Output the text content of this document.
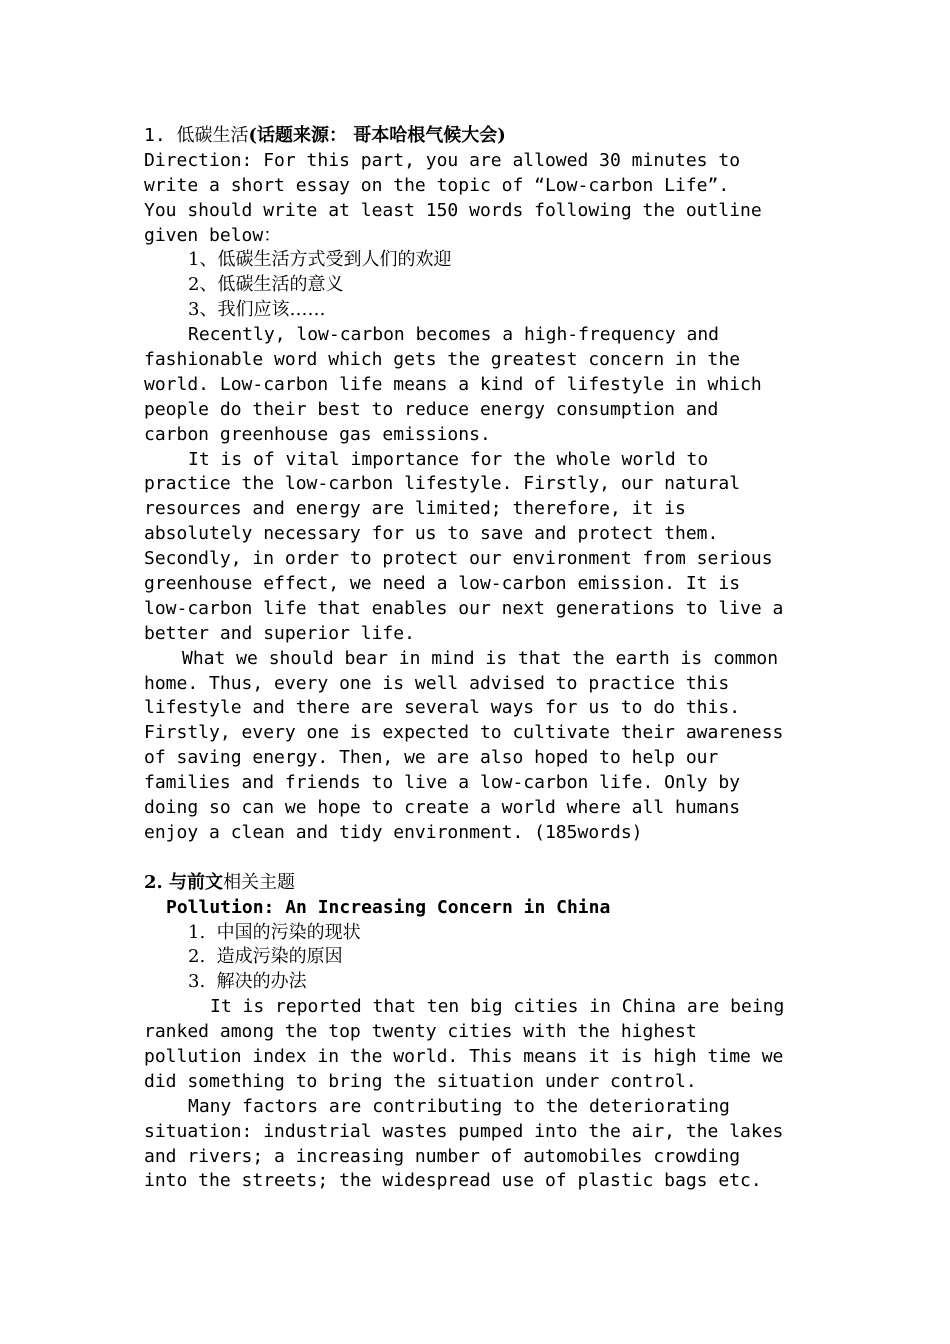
1. 低碳生活(话题来源： 哥本哈根气候大会)
Direction: For this part, you are allowed 30 minutes to
write a short essay on the topic of “Low-carbon Life”.
You should write at least 150 words following the outline
given below：
1、低碳生活方式受到人们的欢迎
2、低碳生活的意义
3、我们应该……
Recently, low-carbon becomes a high-frequency and
fashionable word which gets the greatest concern in the
world. Low-carbon life means a kind of lifestyle in which
people do their best to reduce energy consumption and
carbon greenhouse gas emissions.
It is of vital importance for the whole world to
practice the low-carbon lifestyle. Firstly, our natural
resources and energy are limited; therefore, it is
absolutely necessary for us to save and protect them.
Secondly, in order to protect our environment from serious
greenhouse effect, we need a low-carbon emission. It is
low-carbon life that enables our next generations to live a
better and superior life.
What we should bear in mind is that the earth is common
home. Thus, every one is well advised to practice this
lifestyle and there are several ways for us to do this.
Firstly, every one is expected to cultivate their awareness
of saving energy. Then, we are also hoped to help our
families and friends to live a low-carbon life. Only by
doing so can we hope to create a world where all humans
enjoy a clean and tidy environment. (185words)
2. 与前文相关主题
Pollution: An Increasing Concern in China
1.  中国的污染的现状
2.  造成污染的原因
3.  解决的办法
It is reported that ten big cities in China are being
ranked among the top twenty cities with the highest
pollution index in the world. This means it is high time we
did something to bring the situation under control.
Many factors are contributing to the deteriorating
situation: industrial wastes pumped into the air, the lakes
and rivers; a increasing number of automobiles crowding
into the streets; the widespread use of plastic bags etc.
